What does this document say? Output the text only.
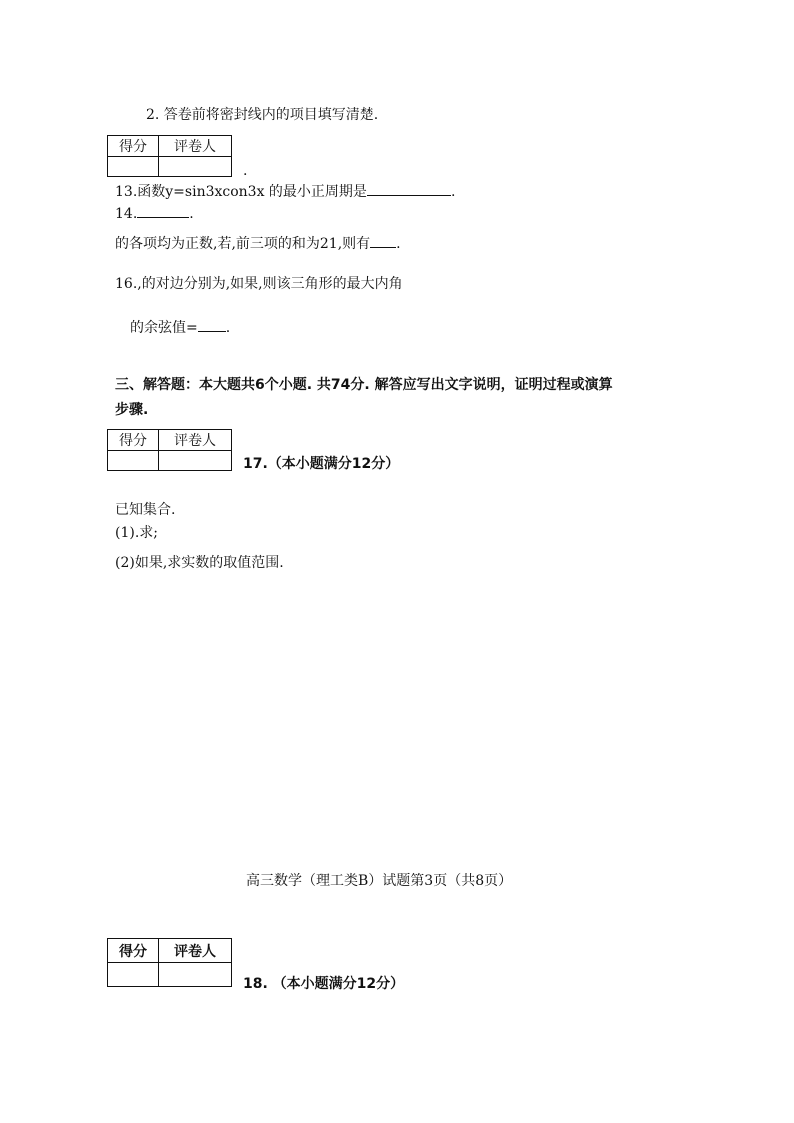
2. 答卷前将密封线内的项目填写清楚.
得分	评卷人

.
13.函数y=sin3xcon3x 的最小正周期是	.
14.	.
的各项均为正数,若,前三项的和为21,则有 .
16.,的对边分别为,如果,则该三角形的最大内角
的余弦值= .
三、解答题：本大题共6个小题. 共74分. 解答应写出文字说明，证明过程或演算
步骤.
得分	评卷人

17.（本小题满分12分）
已知集合.
(1).求;
(2)如果,求实数的取值范围.
高三数学（理工类B）试题第3页（共8页）
得分	评卷人

18. （本小题满分12分）
